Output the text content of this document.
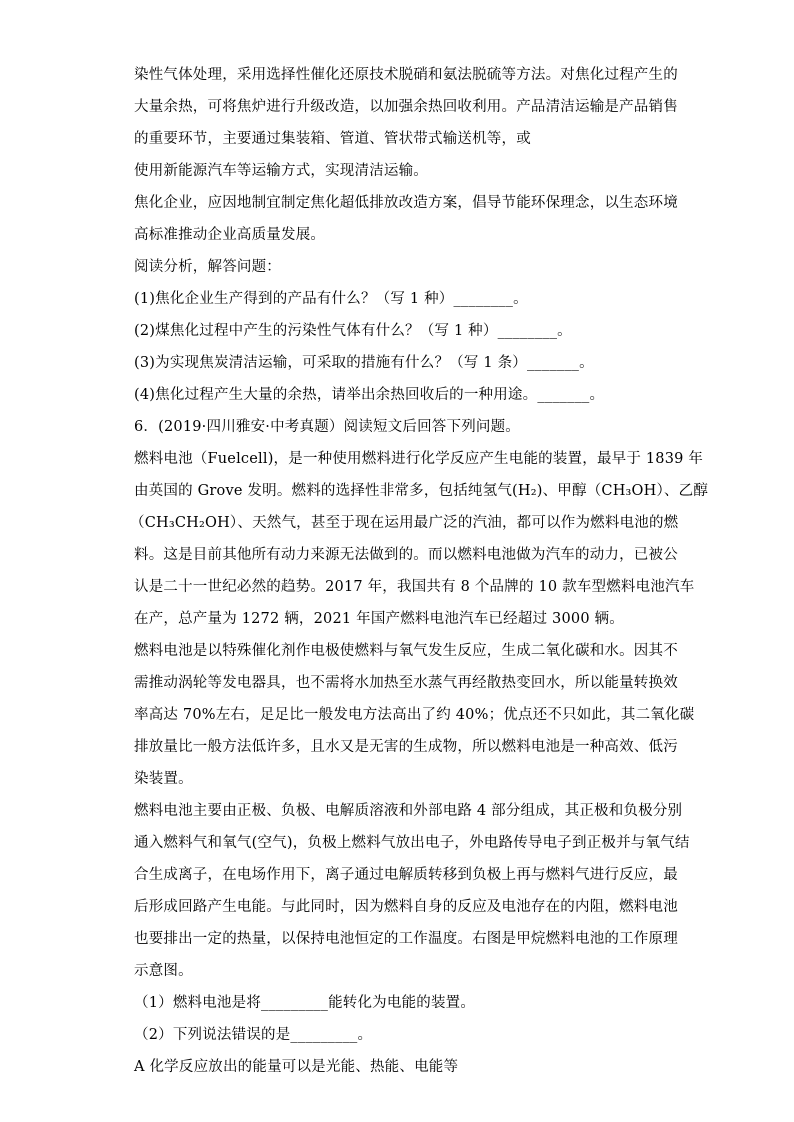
染性气体处理，采用选择性催化还原技术脱硝和氨法脱硫等方法。对焦化过程产生的
大量余热，可将焦炉进行升级改造，以加强余热回收利用。产品清洁运输是产品销售
的重要环节，主要通过集装箱、管道、管状带式输送机等，或
使用新能源汽车等运输方式，实现清洁运输。
焦化企业，应因地制宜制定焦化超低排放改造方案，倡导节能环保理念，以生态环境
高标准推动企业高质量发展。
阅读分析，解答问题：
(1)焦化企业生产得到的产品有什么？（写 1 种）________。
(2)煤焦化过程中产生的污染性气体有什么？（写 1 种）________。
(3)为实现焦炭清洁运输，可采取的措施有什么？（写 1 条）_______。
(4)焦化过程产生大量的余热，请举出余热回收后的一种用途。_______。
6．(2019·四川雅安·中考真题）阅读短文后回答下列问题。
燃料电池（Fuelcell)，是一种使用燃料进行化学反应产生电能的装置，最早于 1839 年
由英国的 Grove 发明。燃料的选择性非常多，包括纯氢气(H₂)、甲醇（CH₃OH）、乙醇
（CH₃CH₂OH）、天然气，甚至于现在运用最广泛的汽油，都可以作为燃料电池的燃
料。这是目前其他所有动力来源无法做到的。而以燃料电池做为汽车的动力，已被公
认是二十一世纪必然的趋势。2017 年，我国共有 8 个品牌的 10 款车型燃料电池汽车
在产，总产量为 1272 辆，2021 年国产燃料电池汽车已经超过 3000 辆。
燃料电池是以特殊催化剂作电极使燃料与氧气发生反应，生成二氧化碳和水。因其不
需推动涡轮等发电器具，也不需将水加热至水蒸气再经散热变回水，所以能量转换效
率高达 70%左右，足足比一般发电方法高出了约 40%；优点还不只如此，其二氧化碳
排放量比一般方法低许多，且水又是无害的生成物，所以燃料电池是一种高效、低污
染装置。
燃料电池主要由正极、负极、电解质溶液和外部电路 4 部分组成，其正极和负极分别
通入燃料气和氧气(空气)，负极上燃料气放出电子，外电路传导电子到正极并与氧气结
合生成离子，在电场作用下，离子通过电解质转移到负极上再与燃料气进行反应，最
后形成回路产生电能。与此同时，因为燃料自身的反应及电池存在的内阻，燃料电池
也要排出一定的热量，以保持电池恒定的工作温度。右图是甲烷燃料电池的工作原理
示意图。
（1）燃料电池是将_________能转化为电能的装置。
（2）下列说法错误的是_________。
A 化学反应放出的能量可以是光能、热能、电能等
